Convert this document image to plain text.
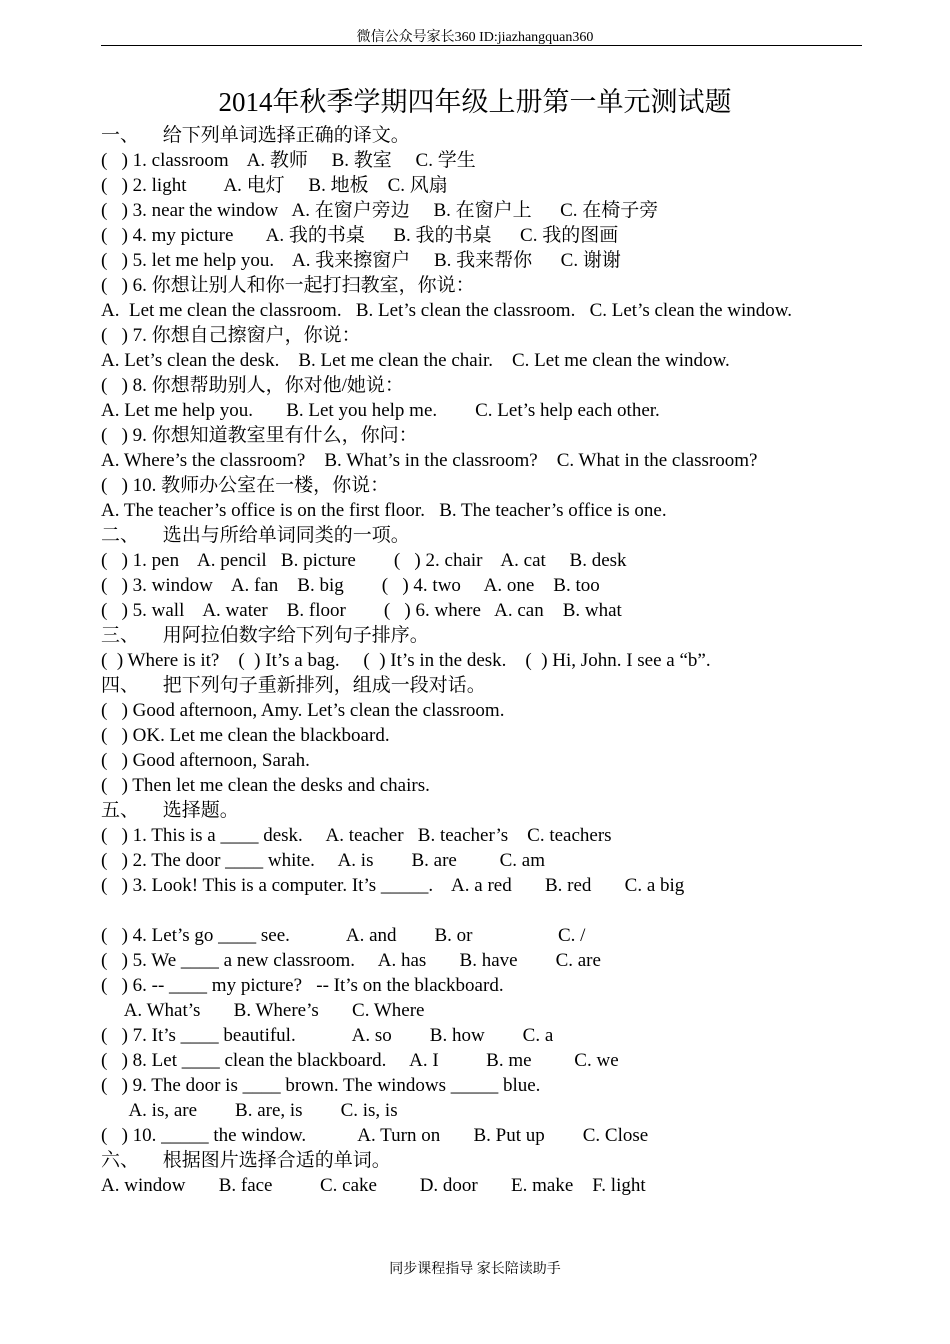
微信公众号家长360 ID:jiazhangquan360
2014年秋季学期四年级上册第一单元测试题
一、     给下列单词选择正确的译文。
(   ) 1. classroom    A. 教师     B. 教室     C. 学生
(   ) 2. light        A. 电灯     B. 地板    C. 风扇
(   ) 3. near the window   A. 在窗户旁边     B. 在窗户上      C. 在椅子旁
(   ) 4. my picture       A. 我的书桌      B. 我的书桌      C. 我的图画
(   ) 5. let me help you.    A. 我来擦窗户     B. 我来帮你      C. 谢谢
(   ) 6. 你想让别人和你一起打扫教室，你说：
A.  Let me clean the classroom.   B. Let’s clean the classroom.   C. Let’s clean the window.
(   ) 7. 你想自己擦窗户，你说：
A. Let’s clean the desk.    B. Let me clean the chair.    C. Let me clean the window.
(   ) 8. 你想帮助别人，你对他/她说：
A. Let me help you.       B. Let you help me.        C. Let’s help each other.
(   ) 9. 你想知道教室里有什么，你问：
A. Where’s the classroom?    B. What’s in the classroom?    C. What in the classroom?
(   ) 10. 教师办公室在一楼，你说：
A. The teacher’s office is on the first floor.   B. The teacher’s office is one.
二、     选出与所给单词同类的一项。
(   ) 1. pen    A. pencil   B. picture        (   ) 2. chair    A. cat     B. desk
(   ) 3. window    A. fan    B. big        (   ) 4. two     A. one    B. too
(   ) 5. wall    A. water    B. floor        (   ) 6. where   A. can    B. what
三、     用阿拉伯数字给下列句子排序。
(  ) Where is it?    (  ) It’s a bag.     (  ) It’s in the desk.    (  ) Hi, John. I see a “b”.
四、     把下列句子重新排列，组成一段对话。
(   ) Good afternoon, Amy. Let’s clean the classroom.
(   ) OK. Let me clean the blackboard.
(   ) Good afternoon, Sarah.
(   ) Then let me clean the desks and chairs.
五、     选择题。
(   ) 1. This is a ____ desk.     A. teacher   B. teacher’s    C. teachers
(   ) 2. The door ____ white.     A. is        B. are         C. am
(   ) 3. Look! This is a computer. It’s _____.    A. a red       B. red       C. a big
(   ) 4. Let’s go ____ see.            A. and        B. or                  C. /
(   ) 5. We ____ a new classroom.     A. has       B. have        C. are
(   ) 6. -- ____ my picture?   -- It’s on the blackboard.
A. What’s       B. Where’s       C. Where
(   ) 7. It’s ____ beautiful.            A. so        B. how        C. a
(   ) 8. Let ____ clean the blackboard.     A. I          B. me         C. we
(   ) 9. The door is ____ brown. The windows _____ blue.
A. is, are        B. are, is        C. is, is
(   ) 10. _____ the window.           A. Turn on       B. Put up        C. Close
六、     根据图片选择合适的单词。
A. window       B. face          C. cake         D. door       E. make    F. light
同步课程指导 家长陪读助手
